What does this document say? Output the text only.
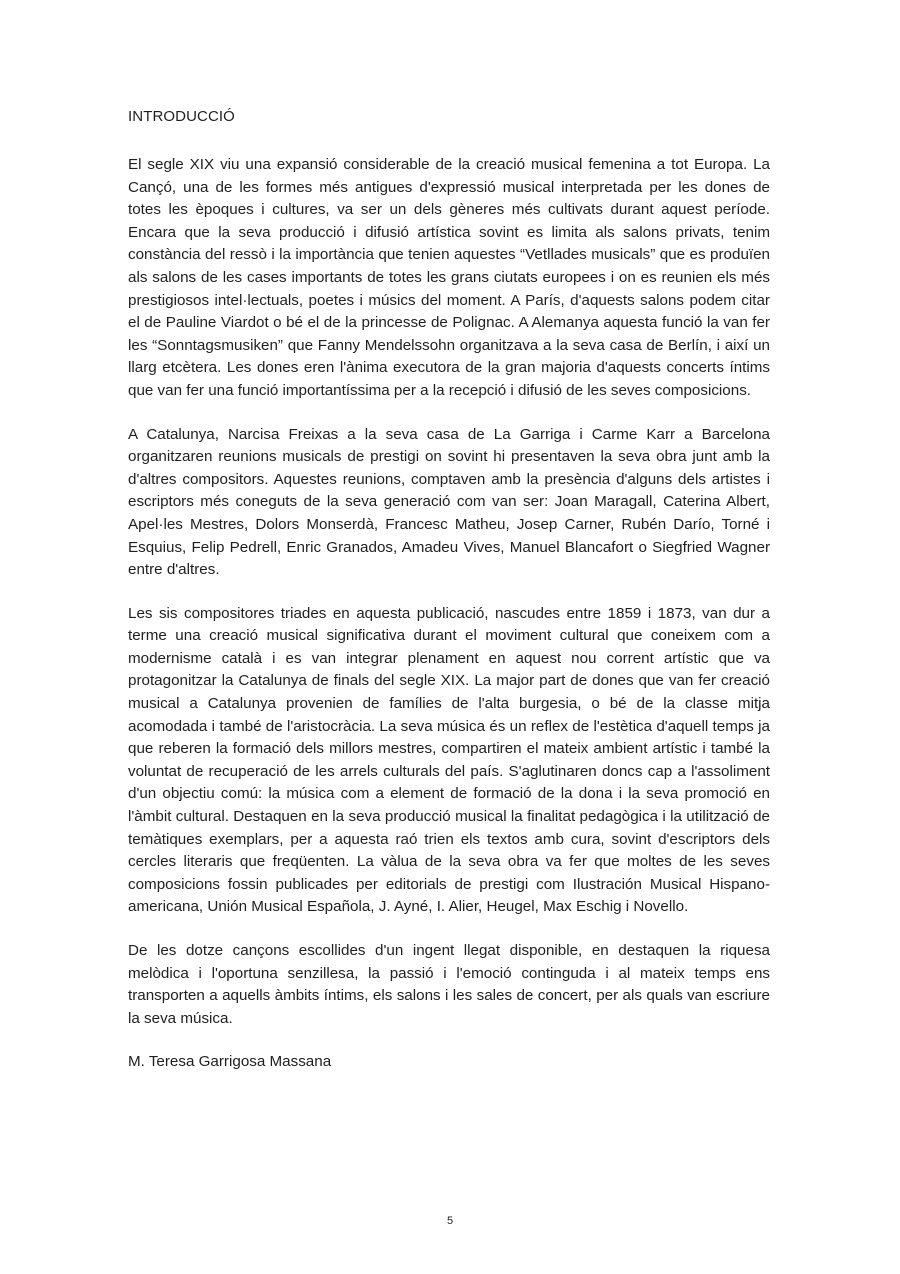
INTRODUCCIÓ

El segle XIX viu una expansió considerable de la creació musical femenina a tot Europa. La Cançó, una de les formes més antigues d'expressió musical interpretada per les dones de totes les èpoques i cultures, va ser un dels gèneres més cultivats durant aquest període. Encara que la seva producció i difusió artística sovint es limita als salons privats, tenim constància del ressò i la importància que tenien aquestes “Vetllades musicals” que es produïen als salons de les cases importants de totes les grans ciutats europees i on es reunien els més prestigiosos intel·lectuals, poetes i músics del moment. A París, d'aquests salons podem citar el de Pauline Viardot o bé el de la princesse de Polignac. A Alemanya aquesta funció la van fer les “Sonntagsmusiken” que Fanny Mendelssohn organitzava a la seva casa de Berlín, i així un llarg etcètera. Les dones eren l'ànima executora de la gran majoria d'aquests concerts íntims que van fer una funció importantíssima per a la recepció i difusió de les seves composicions.

A Catalunya, Narcisa Freixas a la seva casa de La Garriga i Carme Karr a Barcelona organitzaren reunions musicals de prestigi on sovint hi presentaven la seva obra junt amb la d'altres compositors. Aquestes reunions, comptaven amb la presència d'alguns dels artistes i escriptors més coneguts de la seva generació com van ser: Joan Maragall, Caterina Albert, Apel·les Mestres, Dolors Monserdà, Francesc Matheu, Josep Carner, Rubén Darío, Torné i Esquius, Felip Pedrell, Enric Granados, Amadeu Vives, Manuel Blancafort o Siegfried Wagner entre d'altres.

Les sis compositores triades en aquesta publicació, nascudes entre 1859 i 1873, van dur a terme una creació musical significativa durant el moviment cultural que coneixem com a modernisme català i es van integrar plenament en aquest nou corrent artístic que va protagonitzar la Catalunya de finals del segle XIX. La major part de dones que van fer creació musical a Catalunya provenien de famílies de l'alta burgesia, o bé de la classe mitja acomodada i també de l'aristocràcia. La seva música és un reflex de l'estètica d'aquell temps ja que reberen la formació dels millors mestres, compartiren el mateix ambient artístic i també la voluntat de recuperació de les arrels culturals del país. S'aglutinaren doncs cap a l'assoliment d'un objectiu comú: la música com a element de formació de la dona i la seva promoció en l'àmbit cultural. Destaquen en la seva producció musical la finalitat pedagògica i la utilització de temàtiques exemplars, per a aquesta raó trien els textos amb cura, sovint d'escriptors dels cercles literaris que freqüenten. La vàlua de la seva obra va fer que moltes de les seves composicions fossin publicades per editorials de prestigi com Ilustración Musical Hispano-americana, Unión Musical Española, J. Ayné, I. Alier, Heugel, Max Eschig i Novello.

De les dotze cançons escollides d'un ingent llegat disponible, en destaquen la riquesa melòdica i l'oportuna senzillesa, la passió i l'emoció continguda i al mateix temps ens transporten a aquells àmbits íntims, els salons i les sales de concert, per als quals van escriure la seva música.

M. Teresa Garrigosa Massana

5
